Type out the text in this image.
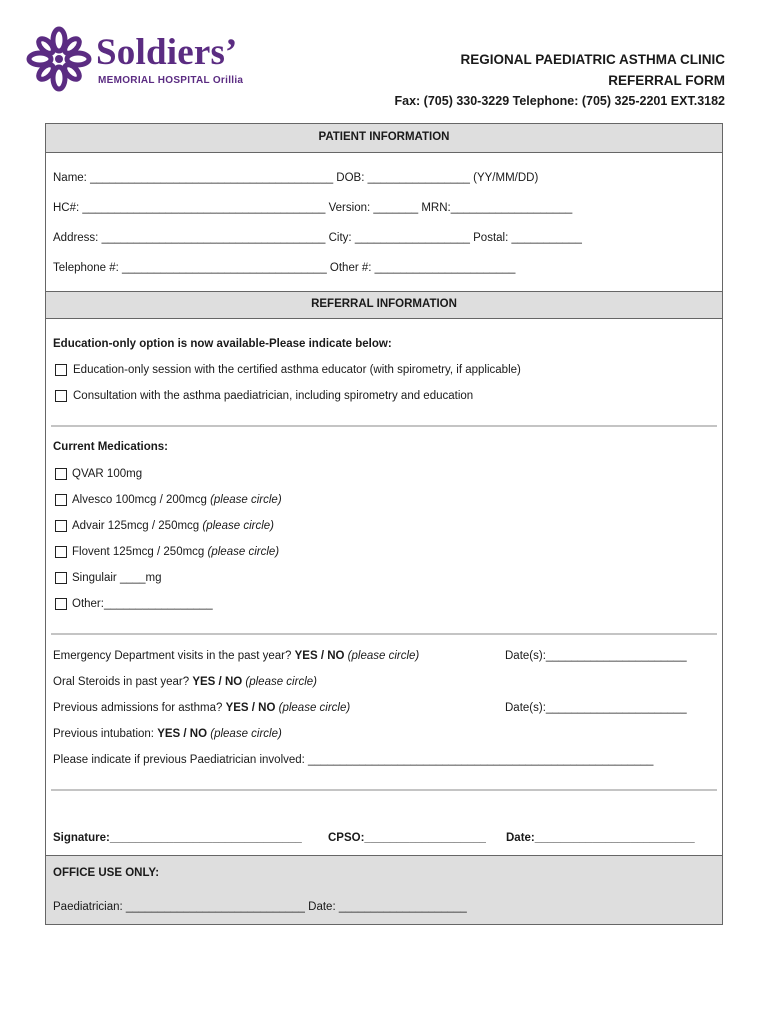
Soldiers’
MEMORIAL HOSPITAL Orillia
REGIONAL PAEDIATRIC ASTHMA CLINIC
REFERRAL FORM
Fax: (705) 330-3229 Telephone: (705) 325-2201 EXT.3182
PATIENT INFORMATION
Name: ______________________________________ DOB: ________________ (YY/MM/DD)
HC#: ______________________________________ Version: _______ MRN:___________________
Address: ___________________________________ City: __________________ Postal: ___________
Telephone #: ________________________________ Other #: ______________________
REFERRAL INFORMATION
Education-only option is now available-Please indicate below:
Education-only session with the certified asthma educator (with spirometry, if applicable)
Consultation with the asthma paediatrician, including spirometry and education
Current Medications:
QVAR 100mg
Alvesco 100mcg / 200mcg (please circle)
Advair 125mcg / 250mcg (please circle)
Flovent 125mcg / 250mcg (please circle)
Singulair ____mg
Other:_________________
Emergency Department visits in the past year? YES / NO (please circle)	Date(s):______________________
Oral Steroids in past year? YES / NO (please circle)
Previous admissions for asthma? YES / NO (please circle)	Date(s):______________________
Previous intubation: YES / NO (please circle)
Please indicate if previous Paediatrician involved: ______________________________________________________
Signature:______________________________ CPSO:___________________ Date:_________________________
OFFICE USE ONLY:
Paediatrician: ____________________________ Date: ____________________
